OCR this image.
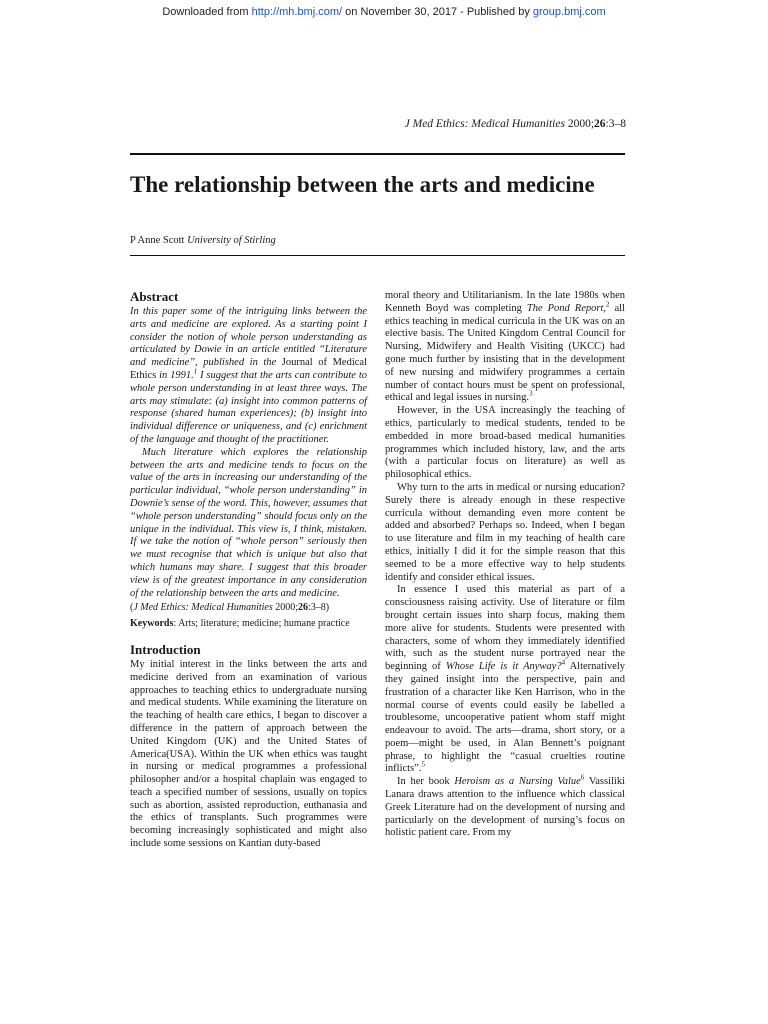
Downloaded from http://mh.bmj.com/ on November 30, 2017 - Published by group.bmj.com
J Med Ethics: Medical Humanities 2000;26:3–8
The relationship between the arts and medicine
P Anne Scott University of Stirling
Abstract

In this paper some of the intriguing links between the arts and medicine are explored. As a starting point I consider the notion of whole person understanding as articulated by Dowie in an article entitled “Literature and medicine”, published in the Journal of Medical Ethics in 1991.$^1$ I suggest that the arts can contribute to whole person understanding in at least three ways. The arts may stimulate: (a) insight into common patterns of response (shared human experiences); (b) insight into individual difference or uniqueness, and (c) enrichment of the language and thought of the practitioner.

Much literature which explores the relationship between the arts and medicine tends to focus on the value of the arts in increasing our understanding of the particular individual, “whole person understanding” in Downie’s sense of the word. This, however, assumes that “whole person understanding” should focus only on the unique in the individual. This view is, I think, mistaken. If we take the notion of “whole person” seriously then we must recognise that which is unique but also that which humans may share. I suggest that this broader view is of the greatest importance in any consideration of the relationship between the arts and medicine.

(J Med Ethics: Medical Humanities 2000;26:3–8)
Keywords: Arts; literature; medicine; humane practice
Introduction

My initial interest in the links between the arts and medicine derived from an examination of various approaches to teaching ethics to undergraduate nursing and medical students. While examining the literature on the teaching of health care ethics, I began to discover a difference in the pattern of approach between the United Kingdom (UK) and the United States of America(USA). Within the UK when ethics was taught in nursing or medical programmes a professional philosopher and/or a hospital chaplain was engaged to teach a specified number of sessions, usually on topics such as abortion, assisted reproduction, euthanasia and the ethics of transplants. Such programmes were becoming increasingly sophisticated and might also include some sessions on Kantian duty-based

moral theory and Utilitarianism. In the late 1980s when Kenneth Boyd was completing The Pond Report,$^2$ all ethics teaching in medical curricula in the UK was on an elective basis. The United Kingdom Central Council for Nursing, Midwifery and Health Visiting (UKCC) had gone much further by insisting that in the development of new nursing and midwifery programmes a certain number of contact hours must be spent on professional, ethical and legal issues in nursing.$^3$

However, in the USA increasingly the teaching of ethics, particularly to medical students, tended to be embedded in more broad-based medical humanities programmes which included history, law, and the arts (with a particular focus on literature) as well as philosophical ethics.

Why turn to the arts in medical or nursing education? Surely there is already enough in these respective curricula without demanding even more content be added and absorbed? Perhaps so. Indeed, when I began to use literature and film in my teaching of health care ethics, initially I did it for the simple reason that this seemed to be a more effective way to help students identify and consider ethical issues.

In essence I used this material as part of a consciousness raising activity. Use of literature or film brought certain issues into sharp focus, making them more alive for students. Students were presented with characters, some of whom they immediately identified with, such as the student nurse portrayed near the beginning of Whose Life is it Anyway?$^4$ Alternatively they gained insight into the perspective, pain and frustration of a character like Ken Harrison, who in the normal course of events could easily be labelled a troublesome, uncooperative patient whom staff might endeavour to avoid. The arts—drama, short story, or a poem—might be used, in Alan Bennett’s poignant phrase, to highlight the “casual cruelties routine inflicts”.$^5$

In her book Heroism as a Nursing Value$^6$ Vassiliki Lanara draws attention to the influence which classical Greek Literature had on the development of nursing and particularly on the development of nursing’s focus on holistic patient care. From my
